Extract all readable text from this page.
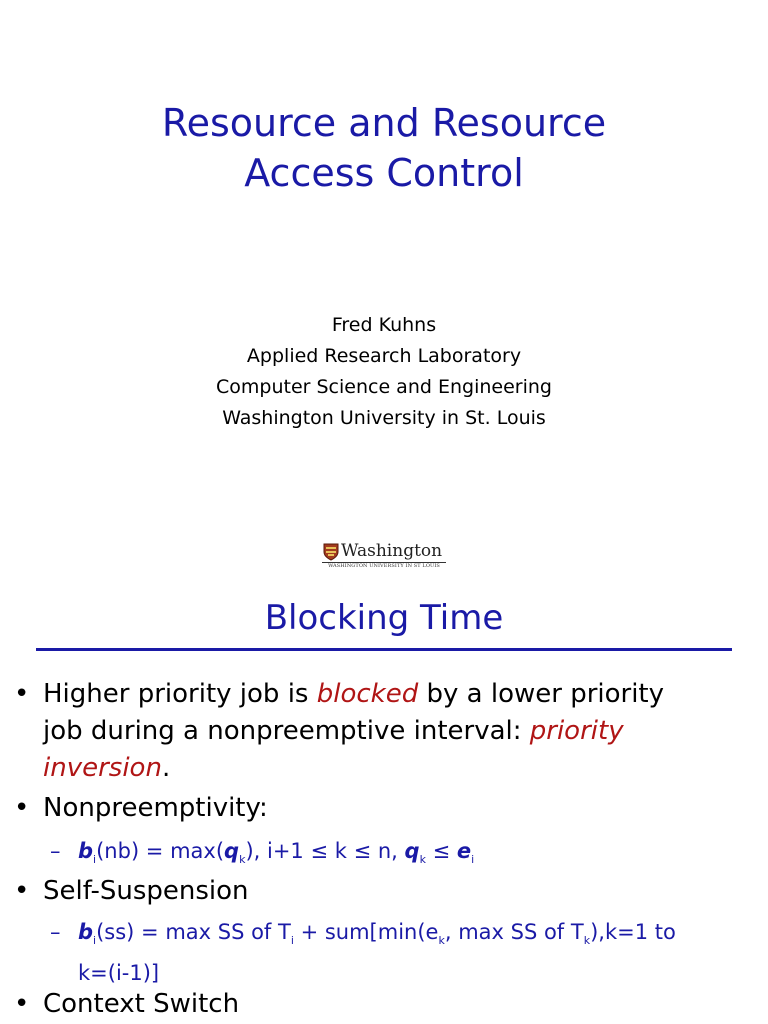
Resource and Resource
Access Control
Fred Kuhns
Applied Research Laboratory
Computer Science and Engineering
Washington University in St. Louis
Washington
WASHINGTON UNIVERSITY IN ST LOUIS
Blocking Time
• Higher priority job is blocked by a lower priority
job during a nonpreemptive interval: priority
inversion.
• Nonpreemptivity:
– $b_i(nb) = \max(q_k)$, i+1 ≤ k ≤ n, $q_k \le e_i$
• Self-Suspension
– $b_i(ss) = \max$ SS of $T_i + sum[\min(e_k$, max SS of $T_k),k=1$ to
k=(i-1)]
• Context Switch
